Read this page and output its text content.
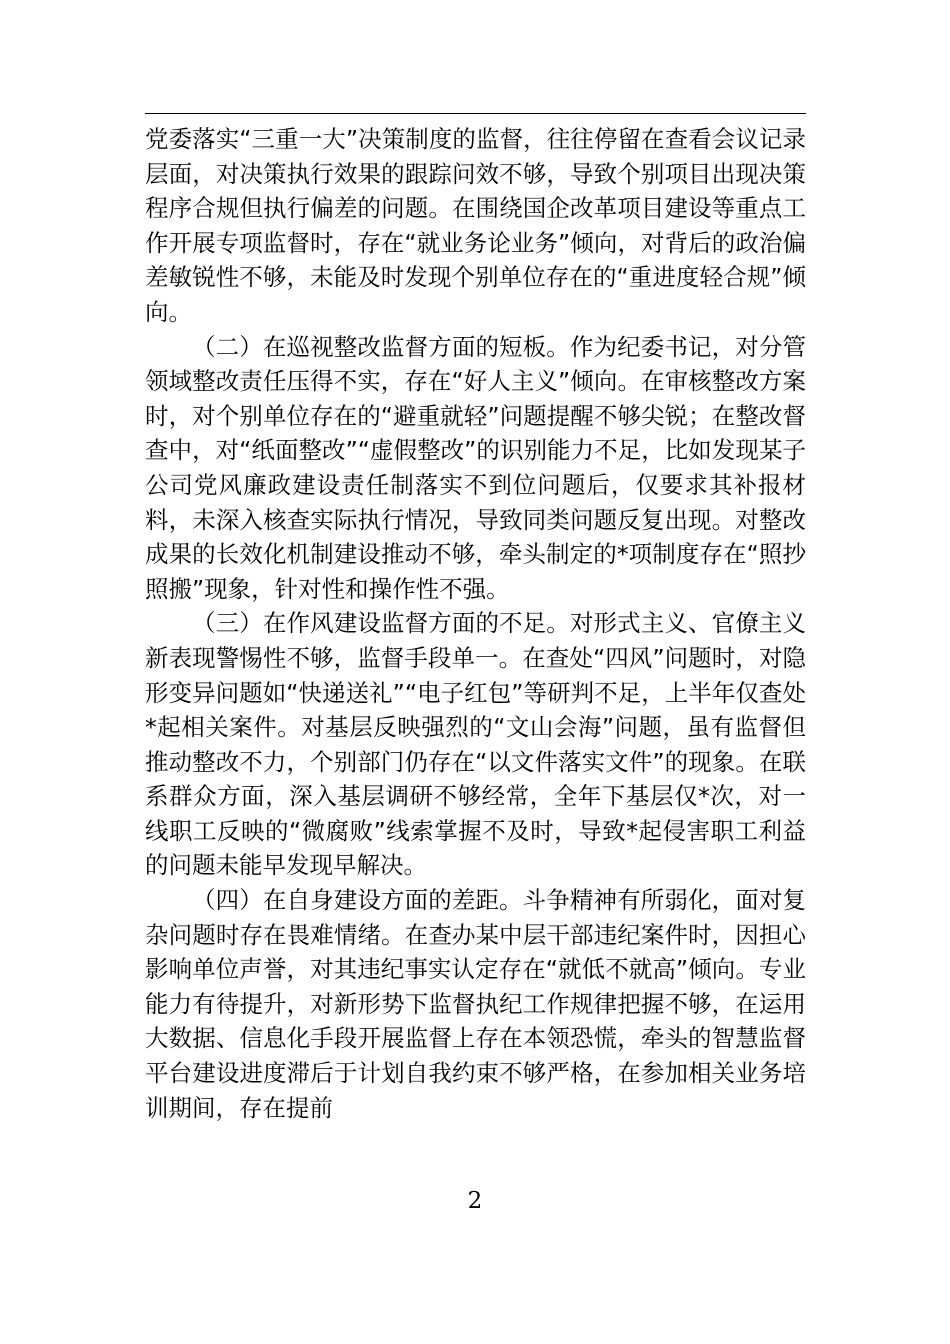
党委落实“三重一大”决策制度的监督，往往停留在查看会议记录层面，对决策执行效果的跟踪问效不够，导致个别项目出现决策程序合规但执行偏差的问题。在围绕国企改革项目建设等重点工作开展专项监督时，存在“就业务论业务”倾向，对背后的政治偏差敏锐性不够，未能及时发现个别单位存在的“重进度轻合规”倾向。

（二）在巡视整改监督方面的短板。作为纪委书记，对分管领域整改责任压得不实，存在“好人主义”倾向。在审核整改方案时，对个别单位存在的“避重就轻”问题提醒不够尖锐；在整改督查中，对“纸面整改”“虚假整改”的识别能力不足，比如发现某子公司党风廉政建设责任制落实不到位问题后，仅要求其补报材料，未深入核查实际执行情况，导致同类问题反复出现。对整改成果的长效化机制建设推动不够，牵头制定的*项制度存在“照抄照搬”现象，针对性和操作性不强。

（三）在作风建设监督方面的不足。对形式主义、官僚主义新表现警惕性不够，监督手段单一。在查处“四风”问题时，对隐形变异问题如“快递送礼”“电子红包”等研判不足，上半年仅查处*起相关案件。对基层反映强烈的“文山会海”问题，虽有监督但推动整改不力，个别部门仍存在“以文件落实文件”的现象。在联系群众方面，深入基层调研不够经常，全年下基层仅*次，对一线职工反映的“微腐败”线索掌握不及时，导致*起侵害职工利益的问题未能早发现早解决。

（四）在自身建设方面的差距。斗争精神有所弱化，面对复杂问题时存在畏难情绪。在查办某中层干部违纪案件时，因担心影响单位声誉，对其违纪事实认定存在“就低不就高”倾向。专业能力有待提升，对新形势下监督执纪工作规律把握不够，在运用大数据、信息化手段开展监督上存在本领恐慌，牵头的智慧监督平台建设进度滞后于计划自我约束不够严格，在参加相关业务培训期间，存在提前

2
